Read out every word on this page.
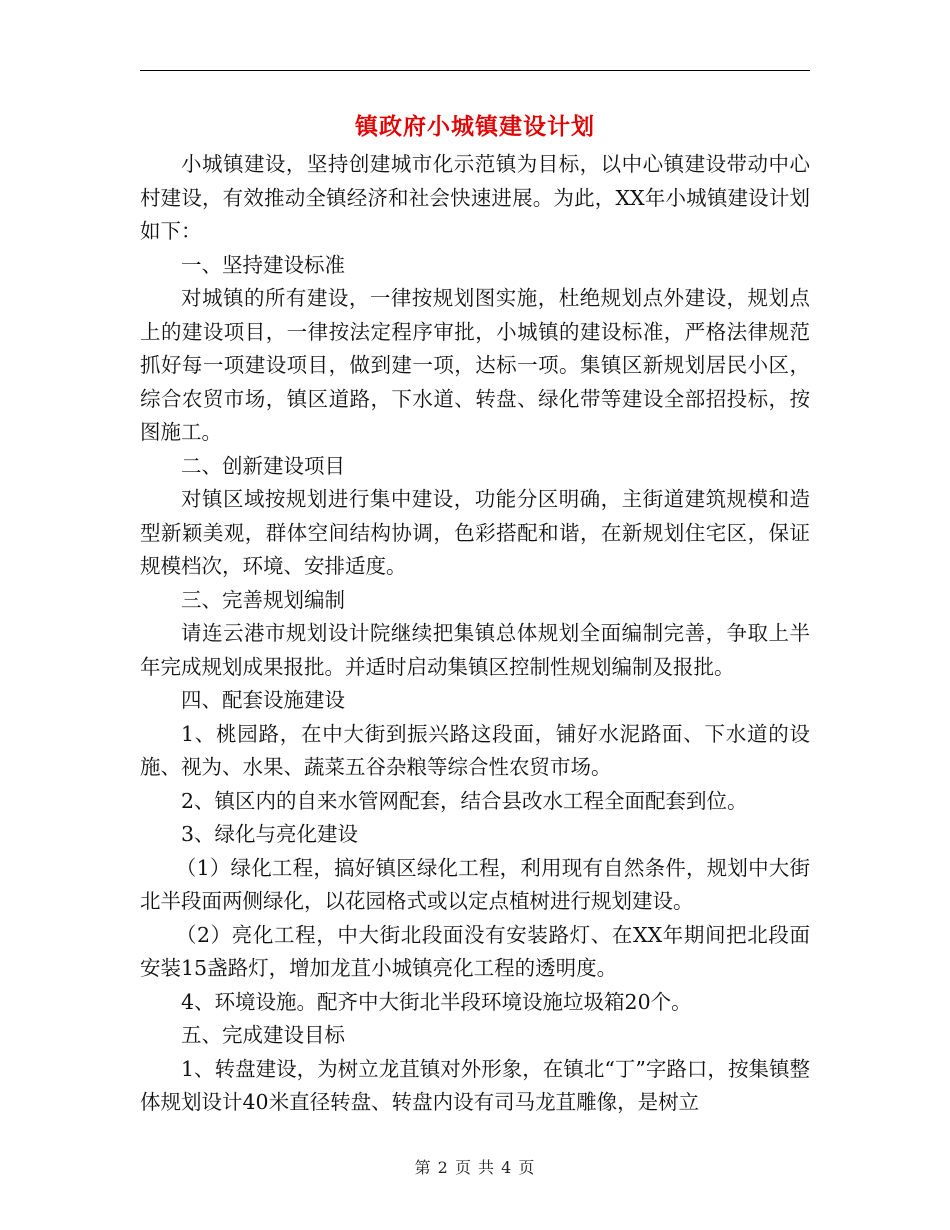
镇政府小城镇建设计划

小城镇建设，坚持创建城市化示范镇为目标，以中心镇建设带动中心村建设，有效推动全镇经济和社会快速进展。为此，XX年小城镇建设计划如下：

一、坚持建设标准

对城镇的所有建设，一律按规划图实施，杜绝规划点外建设，规划点上的建设项目，一律按法定程序审批，小城镇的建设标准，严格法律规范抓好每一项建设项目，做到建一项，达标一项。集镇区新规划居民小区，综合农贸市场，镇区道路，下水道、转盘、绿化带等建设全部招投标，按图施工。

二、创新建设项目

对镇区域按规划进行集中建设，功能分区明确，主街道建筑规模和造型新颖美观，群体空间结构协调，色彩搭配和谐，在新规划住宅区，保证规模档次，环境、安排适度。

三、完善规划编制

请连云港市规划设计院继续把集镇总体规划全面编制完善，争取上半年完成规划成果报批。并适时启动集镇区控制性规划编制及报批。

四、配套设施建设

1、桃园路，在中大街到振兴路这段面，铺好水泥路面、下水道的设施、视为、水果、蔬菜五谷杂粮等综合性农贸市场。

2、镇区内的自来水管网配套，结合县改水工程全面配套到位。

3、绿化与亮化建设

（1）绿化工程，搞好镇区绿化工程，利用现有自然条件，规划中大街北半段面两侧绿化，以花园格式或以定点植树进行规划建设。

（2）亮化工程，中大街北段面没有安装路灯、在XX年期间把北段面安装15盏路灯，增加龙苴小城镇亮化工程的透明度。

4、环境设施。配齐中大街北半段环境设施垃圾箱20个。

五、完成建设目标

1、转盘建设，为树立龙苴镇对外形象，在镇北“丁”字路口，按集镇整体规划设计40米直径转盘、转盘内设有司马龙苴雕像，是树立

第 2 页 共 4 页
